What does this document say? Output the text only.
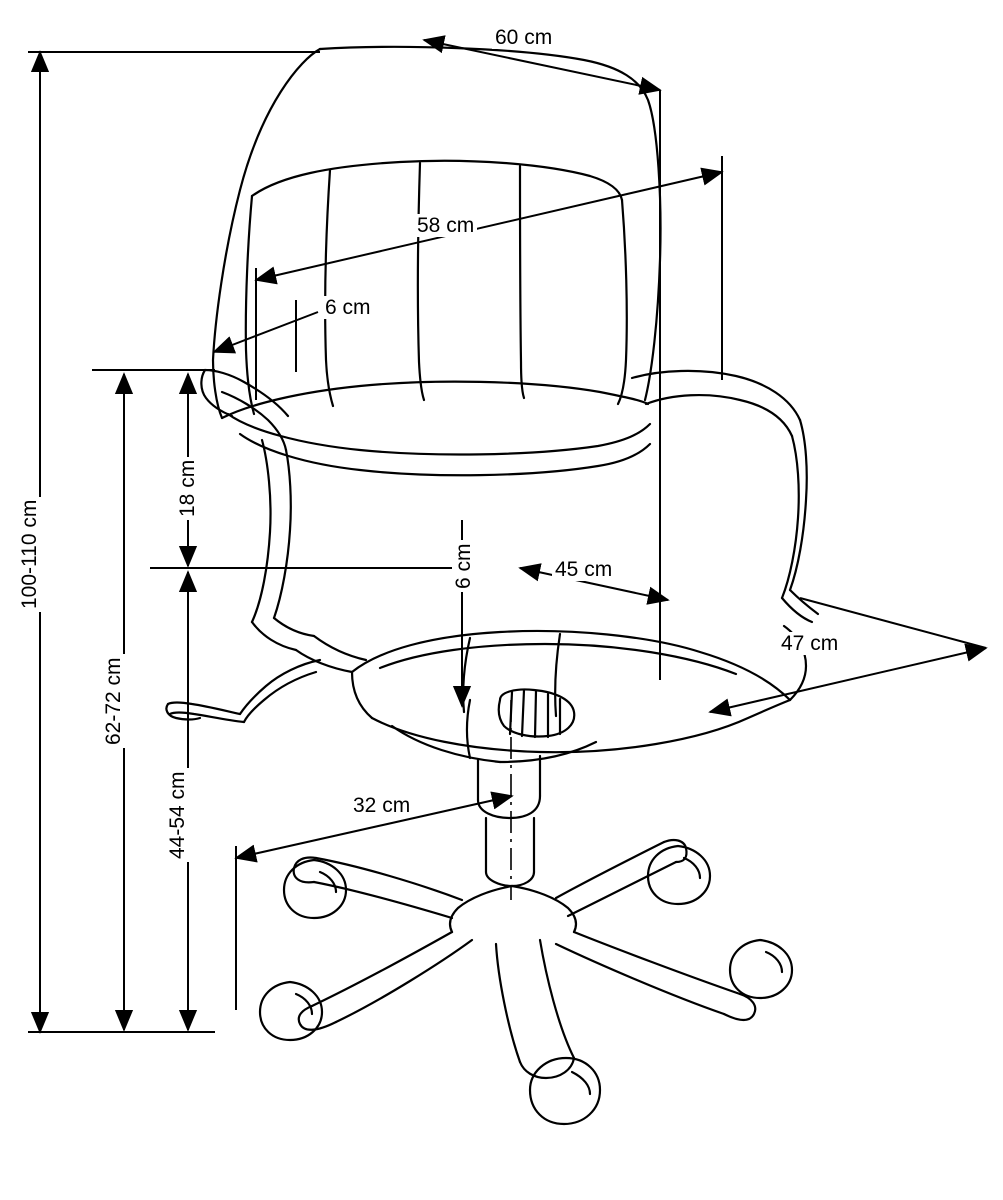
60 cm
58 cm
6 cm
18 cm
6 cm	45 cm
47 cm
32 cm
100-110 cm
62-72 cm
44-54 cm
